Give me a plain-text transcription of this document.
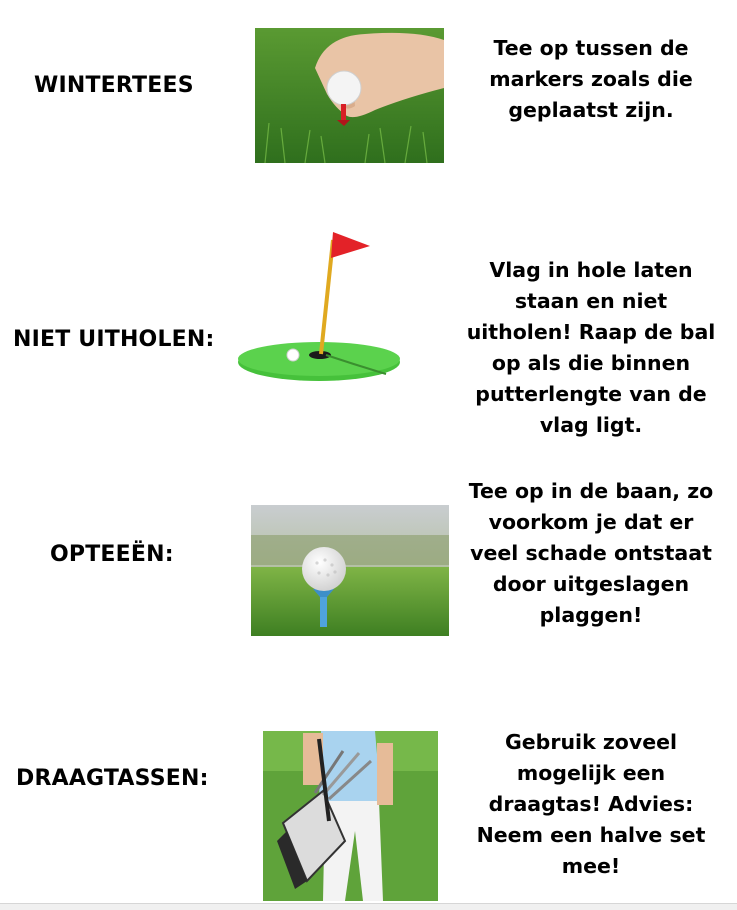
WINTERTEES
Tee op tussen de markers zoals die geplaatst zijn.
NIET UITHOLEN:
Vlag in hole laten staan en niet uitholen! Raap de bal op als die binnen putterlengte van de vlag ligt.
OPTEEËN:
Tee op in de baan, zo voorkom je dat er veel schade ontstaat door uitgeslagen plaggen!
DRAAGTASSEN:
Gebruik zoveel mogelijk een draagtas! Advies: Neem een halve set mee!
